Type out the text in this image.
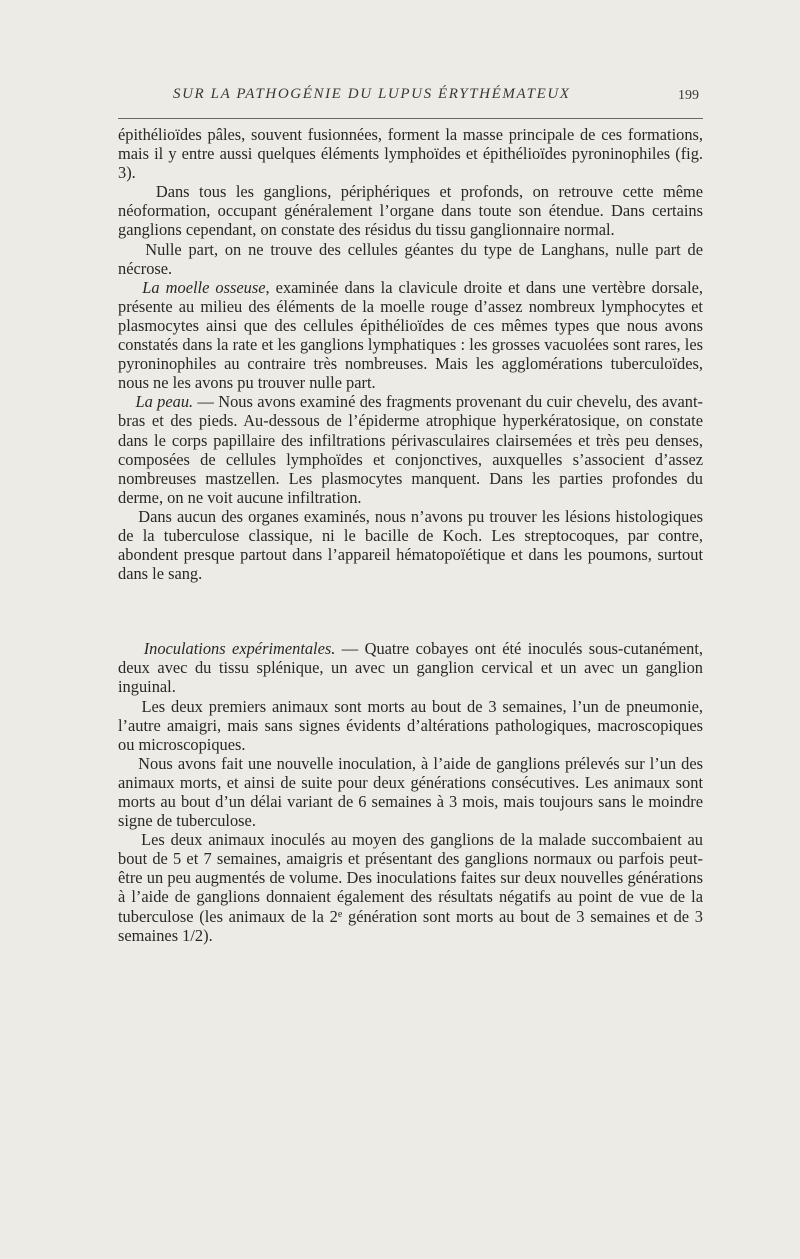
SUR LA PATHOGÉNIE DU LUPUS ÉRYTHÉMATEUX	199

épithélioïdes pâles, souvent fusionnées, forment la masse principale de ces formations, mais il y entre aussi quelques éléments lymphoïdes et épithélioïdes pyroninophiles (fig. 3).

Dans tous les ganglions, périphériques et profonds, on retrouve cette même néoformation, occupant généralement l’organe dans toute son étendue. Dans certains ganglions cependant, on constate des résidus du tissu ganglionnaire normal.

Nulle part, on ne trouve des cellules géantes du type de Langhans, nulle part de nécrose.

La moelle osseuse, examinée dans la clavicule droite et dans une vertèbre dorsale, présente au milieu des éléments de la moelle rouge d’assez nombreux lymphocytes et plasmocytes ainsi que des cellules épithélioïdes de ces mêmes types que nous avons constatés dans la rate et les ganglions lymphatiques : les grosses vacuolées sont rares, les pyroninophiles au contraire très nombreuses. Mais les agglomérations tuberculoïdes, nous ne les avons pu trouver nulle part.

La peau. — Nous avons examiné des fragments provenant du cuir chevelu, des avant-bras et des pieds. Au-dessous de l’épiderme atrophique hyperkératosique, on constate dans le corps papillaire des infiltrations périvasculaires clairsemées et très peu denses, composées de cellules lymphoïdes et conjonctives, auxquelles s’associent d’assez nombreuses mastzellen. Les plasmocytes manquent. Dans les parties profondes du derme, on ne voit aucune infiltration.

Dans aucun des organes examinés, nous n’avons pu trouver les lésions histologiques de la tuberculose classique, ni le bacille de Koch. Les streptocoques, par contre, abondent presque partout dans l’appareil hématopoïétique et dans les poumons, surtout dans le sang.

Inoculations expérimentales. — Quatre cobayes ont été inoculés sous-cutanément, deux avec du tissu splénique, un avec un ganglion cervical et un avec un ganglion inguinal.

Les deux premiers animaux sont morts au bout de 3 semaines, l’un de pneumonie, l’autre amaigri, mais sans signes évidents d’altérations pathologiques, macroscopiques ou microscopiques.

Nous avons fait une nouvelle inoculation, à l’aide de ganglions prélevés sur l’un des animaux morts, et ainsi de suite pour deux générations consécutives. Les animaux sont morts au bout d’un délai variant de 6 semaines à 3 mois, mais toujours sans le moindre signe de tuberculose.

Les deux animaux inoculés au moyen des ganglions de la malade succombaient au bout de 5 et 7 semaines, amaigris et présentant des ganglions normaux ou parfois peut-être un peu augmentés de volume. Des inoculations faites sur deux nouvelles générations à l’aide de ganglions donnaient également des résultats négatifs au point de vue de la tuberculose (les animaux de la 2e génération sont morts au bout de 3 semaines et de 3 semaines 1/2).
